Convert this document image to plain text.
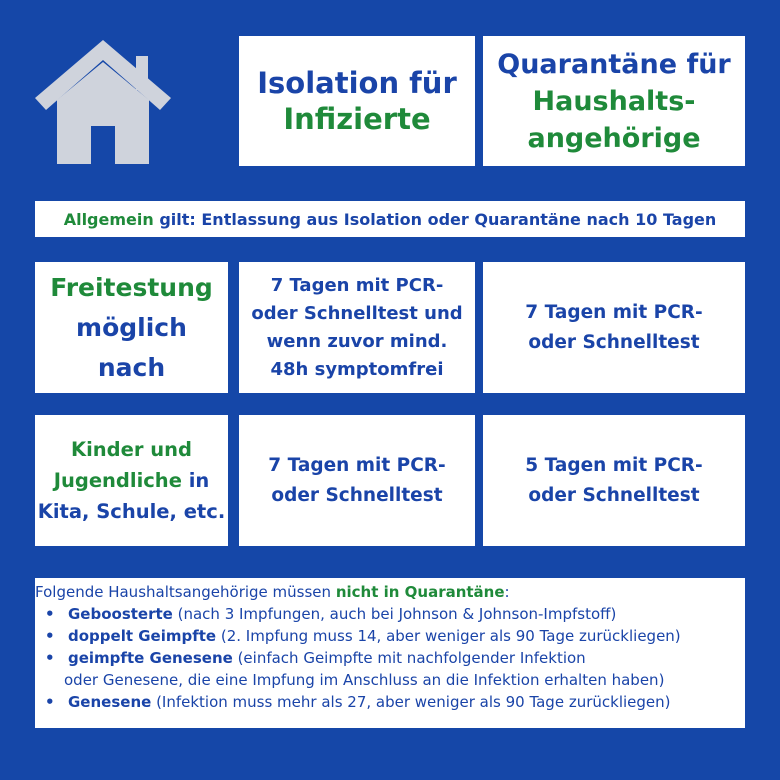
Isolation für
Infizierte
Quarantäne für
Haushalts-
angehörige
Allgemein gilt: Entlassung aus Isolation oder Quarantäne nach 10 Tagen
Freitestung
möglich
nach
7 Tagen mit PCR-
oder Schnelltest und
wenn zuvor mind.
48h symptomfrei
7 Tagen mit PCR-
oder Schnelltest
Kinder und
Jugendliche in
Kita, Schule, etc.
7 Tagen mit PCR-
oder Schnelltest
5 Tagen mit PCR-
oder Schnelltest
Folgende Haushaltsangehörige müssen nicht in Quarantäne:
• Geboosterte (nach 3 Impfungen, auch bei Johnson & Johnson-Impfstoff)
• doppelt Geimpfte (2. Impfung muss 14, aber weniger als 90 Tage zurückliegen)
• geimpfte Genesene (einfach Geimpfte mit nachfolgender Infektion
oder Genesene, die eine Impfung im Anschluss an die Infektion erhalten haben)
• Genesene (Infektion muss mehr als 27, aber weniger als 90 Tage zurückliegen)
